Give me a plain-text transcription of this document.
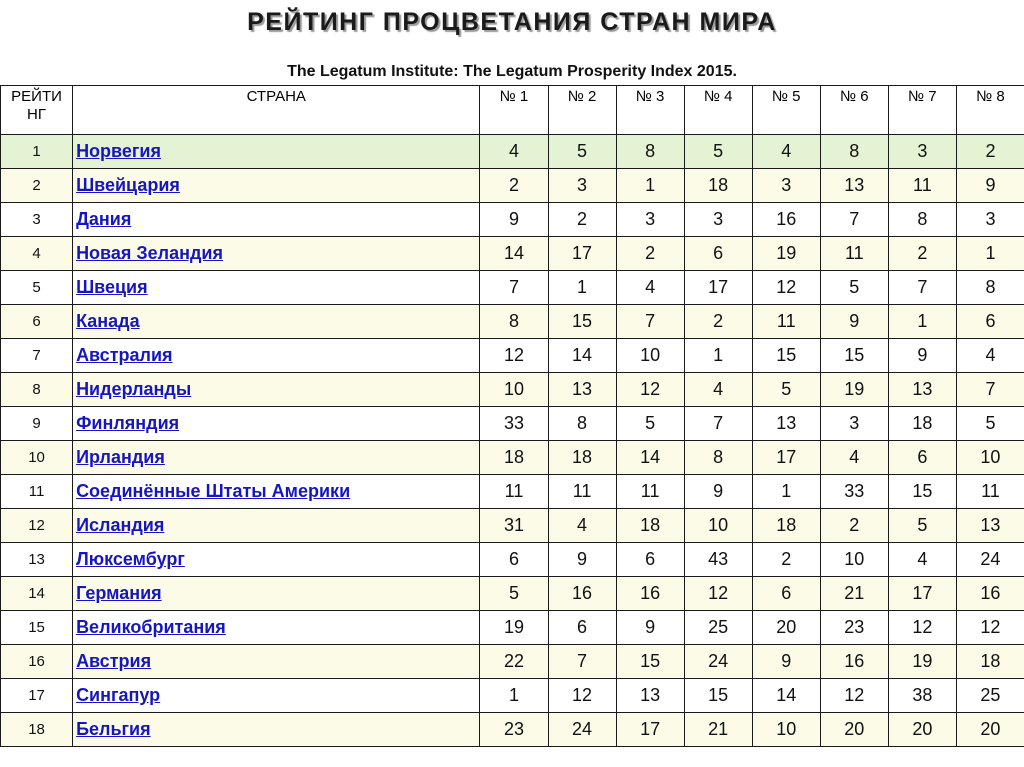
РЕЙТИНГ ПРОЦВЕТАНИЯ СТРАН МИРА
The Legatum Institute: The Legatum Prosperity Index 2015.
РЕЙТИ
НГ	СТРАНА	№ 1	№ 2	№ 3	№ 4	№ 5	№ 6	№ 7	№ 8
1	Норвегия	4	5	8	5	4	8	3	2
2	Швейцария	2	3	1	18	3	13	11	9
3	Дания	9	2	3	3	16	7	8	3
4	Новая Зеландия	14	17	2	6	19	11	2	1
5	Швеция	7	1	4	17	12	5	7	8
6	Канада	8	15	7	2	11	9	1	6
7	Австралия	12	14	10	1	15	15	9	4
8	Нидерланды	10	13	12	4	5	19	13	7
9	Финляндия	33	8	5	7	13	3	18	5
10	Ирландия	18	18	14	8	17	4	6	10
11	Соединённые Штаты Америки	11	11	11	9	1	33	15	11
12	Исландия	31	4	18	10	18	2	5	13
13	Люксембург	6	9	6	43	2	10	4	24
14	Германия	5	16	16	12	6	21	17	16
15	Великобритания	19	6	9	25	20	23	12	12
16	Австрия	22	7	15	24	9	16	19	18
17	Сингапур	1	12	13	15	14	12	38	25
18	Бельгия	23	24	17	21	10	20	20	20
